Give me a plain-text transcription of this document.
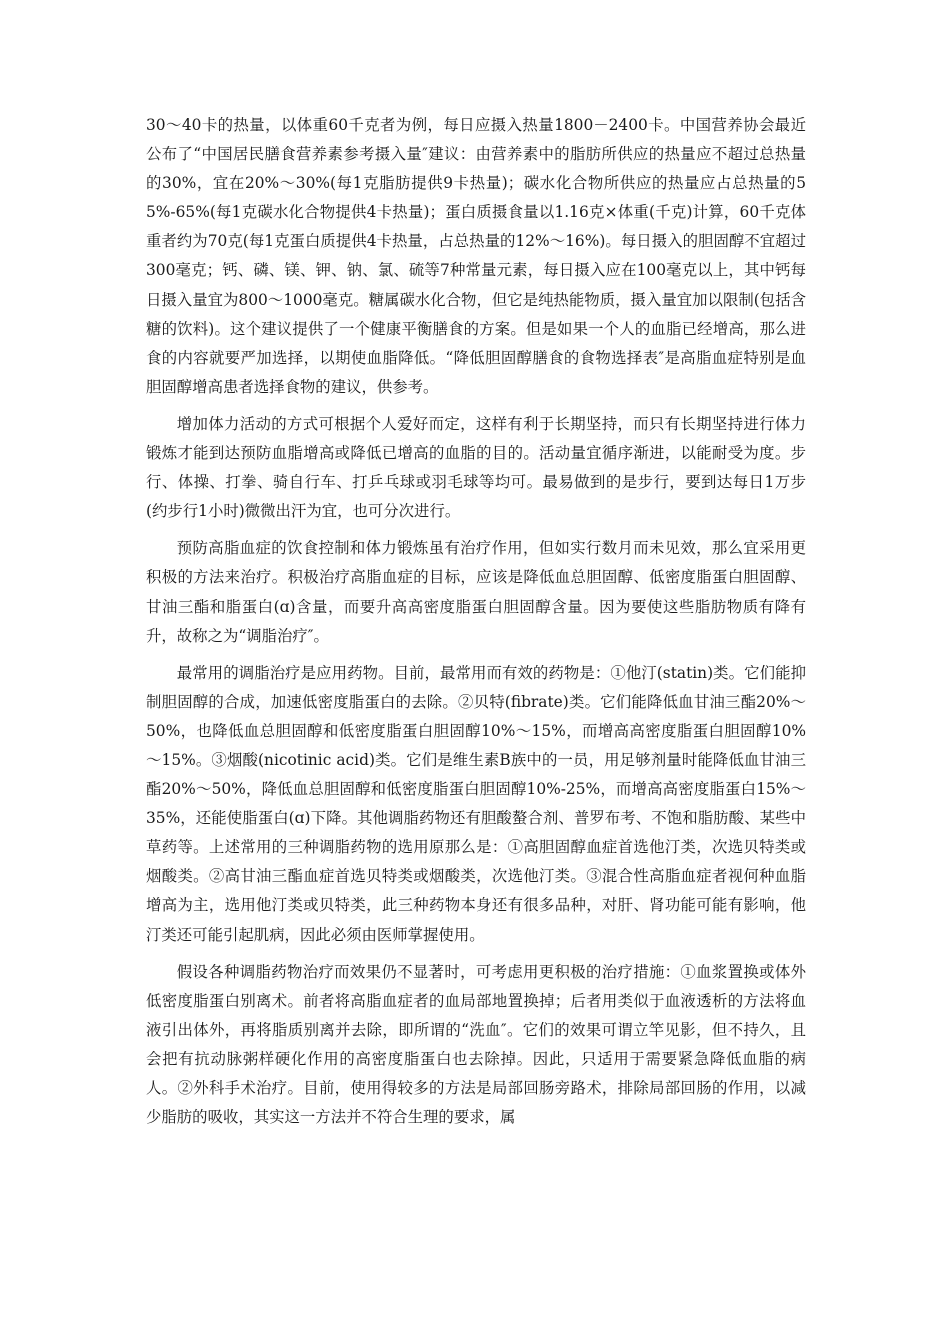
30～40卡的热量，以体重60千克者为例，每日应摄入热量1800－2400卡。中国营养协会最近公布了“中国居民膳食营养素参考摄入量″建议：由营养素中的脂肪所供应的热量应不超过总热量的30%，宜在20%～30%(每1克脂肪提供9卡热量)；碳水化合物所供应的热量应占总热量的55%-65%(每1克碳水化合物提供4卡热量)；蛋白质摄食量以1.16克×体重(千克)计算，60千克体重者约为70克(每1克蛋白质提供4卡热量，占总热量的12%～16%)。每日摄入的胆固醇不宜超过300毫克；钙、磷、镁、钾、钠、氯、硫等7种常量元素，每日摄入应在100毫克以上，其中钙每日摄入量宜为800～1000毫克。糖属碳水化合物，但它是纯热能物质，摄入量宜加以限制(包括含糖的饮料)。这个建议提供了一个健康平衡膳食的方案。但是如果一个人的血脂已经增高，那么进食的内容就要严加选择，以期使血脂降低。“降低胆固醇膳食的食物选择表″是高脂血症特别是血胆固醇增高患者选择食物的建议，供参考。

增加体力活动的方式可根据个人爱好而定，这样有利于长期坚持，而只有长期坚持进行体力锻炼才能到达预防血脂增高或降低已增高的血脂的目的。活动量宜循序渐进，以能耐受为度。步行、体操、打拳、骑自行车、打乒乓球或羽毛球等均可。最易做到的是步行，要到达每日1万步(约步行1小时)微微出汗为宜，也可分次进行。

预防高脂血症的饮食控制和体力锻炼虽有治疗作用，但如实行数月而未见效，那么宜采用更积极的方法来治疗。积极治疗高脂血症的目标，应该是降低血总胆固醇、低密度脂蛋白胆固醇、甘油三酯和脂蛋白(ɑ)含量，而要升高高密度脂蛋白胆固醇含量。因为要使这些脂肪物质有降有升，故称之为“调脂治疗″。

最常用的调脂治疗是应用药物。目前，最常用而有效的药物是：①他汀(statin)类。它们能抑制胆固醇的合成，加速低密度脂蛋白的去除。②贝特(fibrate)类。它们能降低血甘油三酯20%～50%，也降低血总胆固醇和低密度脂蛋白胆固醇10%～15%，而增高高密度脂蛋白胆固醇10%～15%。③烟酸(nicotinic acid)类。它们是维生素B族中的一员，用足够剂量时能降低血甘油三酯20%～50%，降低血总胆固醇和低密度脂蛋白胆固醇10%-25%，而增高高密度脂蛋白15%～35%，还能使脂蛋白(ɑ)下降。其他调脂药物还有胆酸螯合剂、普罗布考、不饱和脂肪酸、某些中草药等。上述常用的三种调脂药物的选用原那么是：①高胆固醇血症首选他汀类，次选贝特类或烟酸类。②高甘油三酯血症首选贝特类或烟酸类，次选他汀类。③混合性高脂血症者视何种血脂增高为主，选用他汀类或贝特类，此三种药物本身还有很多品种，对肝、肾功能可能有影响，他汀类还可能引起肌病，因此必须由医师掌握使用。

假设各种调脂药物治疗而效果仍不显著时，可考虑用更积极的治疗措施：①血浆置换或体外低密度脂蛋白别离术。前者将高脂血症者的血局部地置换掉；后者用类似于血液透析的方法将血液引出体外，再将脂质别离并去除，即所谓的“洗血″。它们的效果可谓立竿见影，但不持久，且会把有抗动脉粥样硬化作用的高密度脂蛋白也去除掉。因此，只适用于需要紧急降低血脂的病人。②外科手术治疗。目前，使用得较多的方法是局部回肠旁路术，排除局部回肠的作用，以减少脂肪的吸收，其实这一方法并不符合生理的要求，属
